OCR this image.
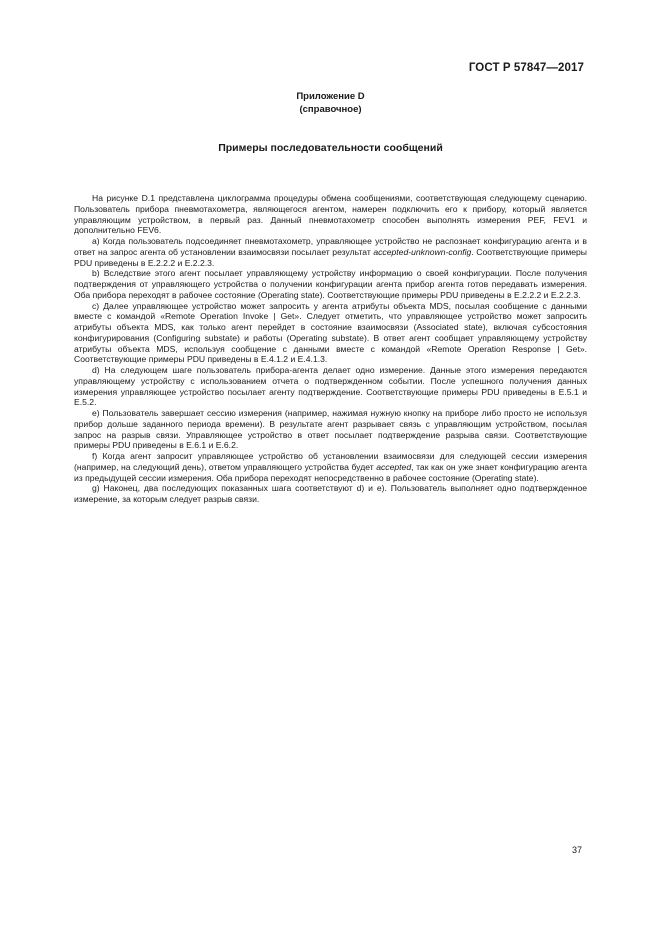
ГОСТ Р 57847—2017
Приложение D
(справочное)
Примеры последовательности сообщений

На рисунке D.1 представлена циклограмма процедуры обмена сообщениями, соответствующая следующему сценарию. Пользователь прибора пневмотахометра, являющегося агентом, намерен подключить его к прибору, который является управляющим устройством, в первый раз. Данный пневмотахометр способен выполнять измерения PEF, FEV1 и дополнительно FEV6.

a) Когда пользователь подсоединяет пневмотахометр, управляющее устройство не распознает конфигурацию агента и в ответ на запрос агента об установлении взаимосвязи посылает результат accepted-unknown-config. Соответствующие примеры PDU приведены в E.2.2.2 и E.2.2.3.

b) Вследствие этого агент посылает управляющему устройству информацию о своей конфигурации. После получения подтверждения от управляющего устройства о получении конфигурации агента прибор агента готов передавать измерения. Оба прибора переходят в рабочее состояние (Operating state). Соответствующие примеры PDU приведены в E.2.2.2 и E.2.2.3.

c) Далее управляющее устройство может запросить у агента атрибуты объекта MDS, посылая сообщение с данными вместе с командой «Remote Operation Invoke | Get». Следует отметить, что управляющее устройство может запросить атрибуты объекта MDS, как только агент перейдет в состояние взаимосвязи (Associated state), включая субсостояния конфигурирования (Configuring substate) и работы (Operating substate). В ответ агент сообщает управляющему устройству атрибуты объекта MDS, используя сообщение с данными вместе с командой «Remote Operation Response | Get». Соответствующие примеры PDU приведены в E.4.1.2 и E.4.1.3.

d) На следующем шаге пользователь прибора-агента делает одно измерение. Данные этого измерения передаются управляющему устройству с использованием отчета о подтвержденном событии. После успешного получения данных измерения управляющее устройство посылает агенту подтверждение. Соответствующие примеры PDU приведены в E.5.1 и E.5.2.

e) Пользователь завершает сессию измерения (например, нажимая нужную кнопку на приборе либо просто не используя прибор дольше заданного периода времени). В результате агент разрывает связь с управляющим устройством, посылая запрос на разрыв связи. Управляющее устройство в ответ посылает подтверждение разрыва связи. Соответствующие примеры PDU приведены в E.6.1 и E.6.2.

f) Когда агент запросит управляющее устройство об установлении взаимосвязи для следующей сессии измерения (например, на следующий день), ответом управляющего устройства будет accepted, так как он уже знает конфигурацию агента из предыдущей сессии измерения. Оба прибора переходят непосредственно в рабочее состояние (Operating state).

g) Наконец, два последующих показанных шага соответствуют d) и e). Пользователь выполняет одно подтвержденное измерение, за которым следует разрыв связи.

37
